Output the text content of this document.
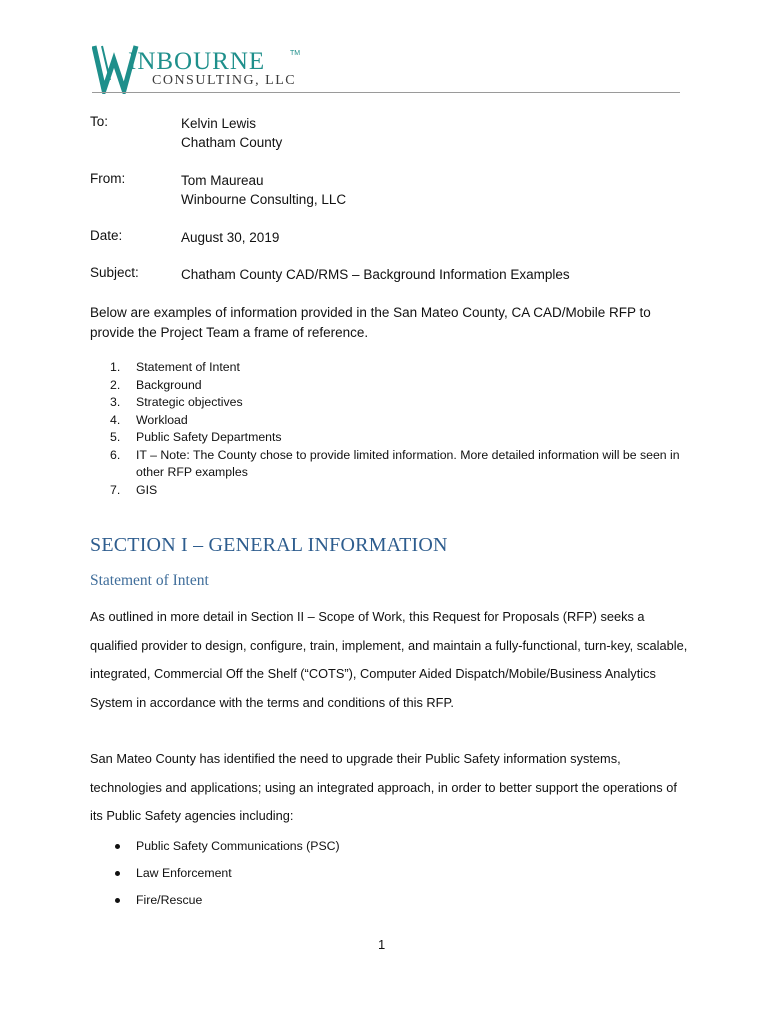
INBOURNE	TM
CONSULTING, LLC
To:	Kelvin Lewis
Chatham County
From:	Tom Maureau
Winbourne Consulting, LLC
Date:	August 30, 2019
Subject:	Chatham County CAD/RMS – Background Information Examples
Below are examples of information provided in the San Mateo County, CA CAD/Mobile RFP to provide the Project Team a frame of reference.
1. Statement of Intent
2. Background
3. Strategic objectives
4. Workload
5. Public Safety Departments
6. IT – Note: The County chose to provide limited information. More detailed information will be seen in other RFP examples
7. GIS
SECTION I – GENERAL INFORMATION
Statement of Intent
As outlined in more detail in Section II – Scope of Work, this Request for Proposals (RFP) seeks a qualified provider to design, configure, train, implement, and maintain a fully-functional, turn-key, scalable, integrated, Commercial Off the Shelf (“COTS”), Computer Aided Dispatch/Mobile/Business Analytics System in accordance with the terms and conditions of this RFP.
San Mateo County has identified the need to upgrade their Public Safety information systems, technologies and applications; using an integrated approach, in order to better support the operations of its Public Safety agencies including:
Public Safety Communications (PSC)
Law Enforcement
Fire/Rescue
1
